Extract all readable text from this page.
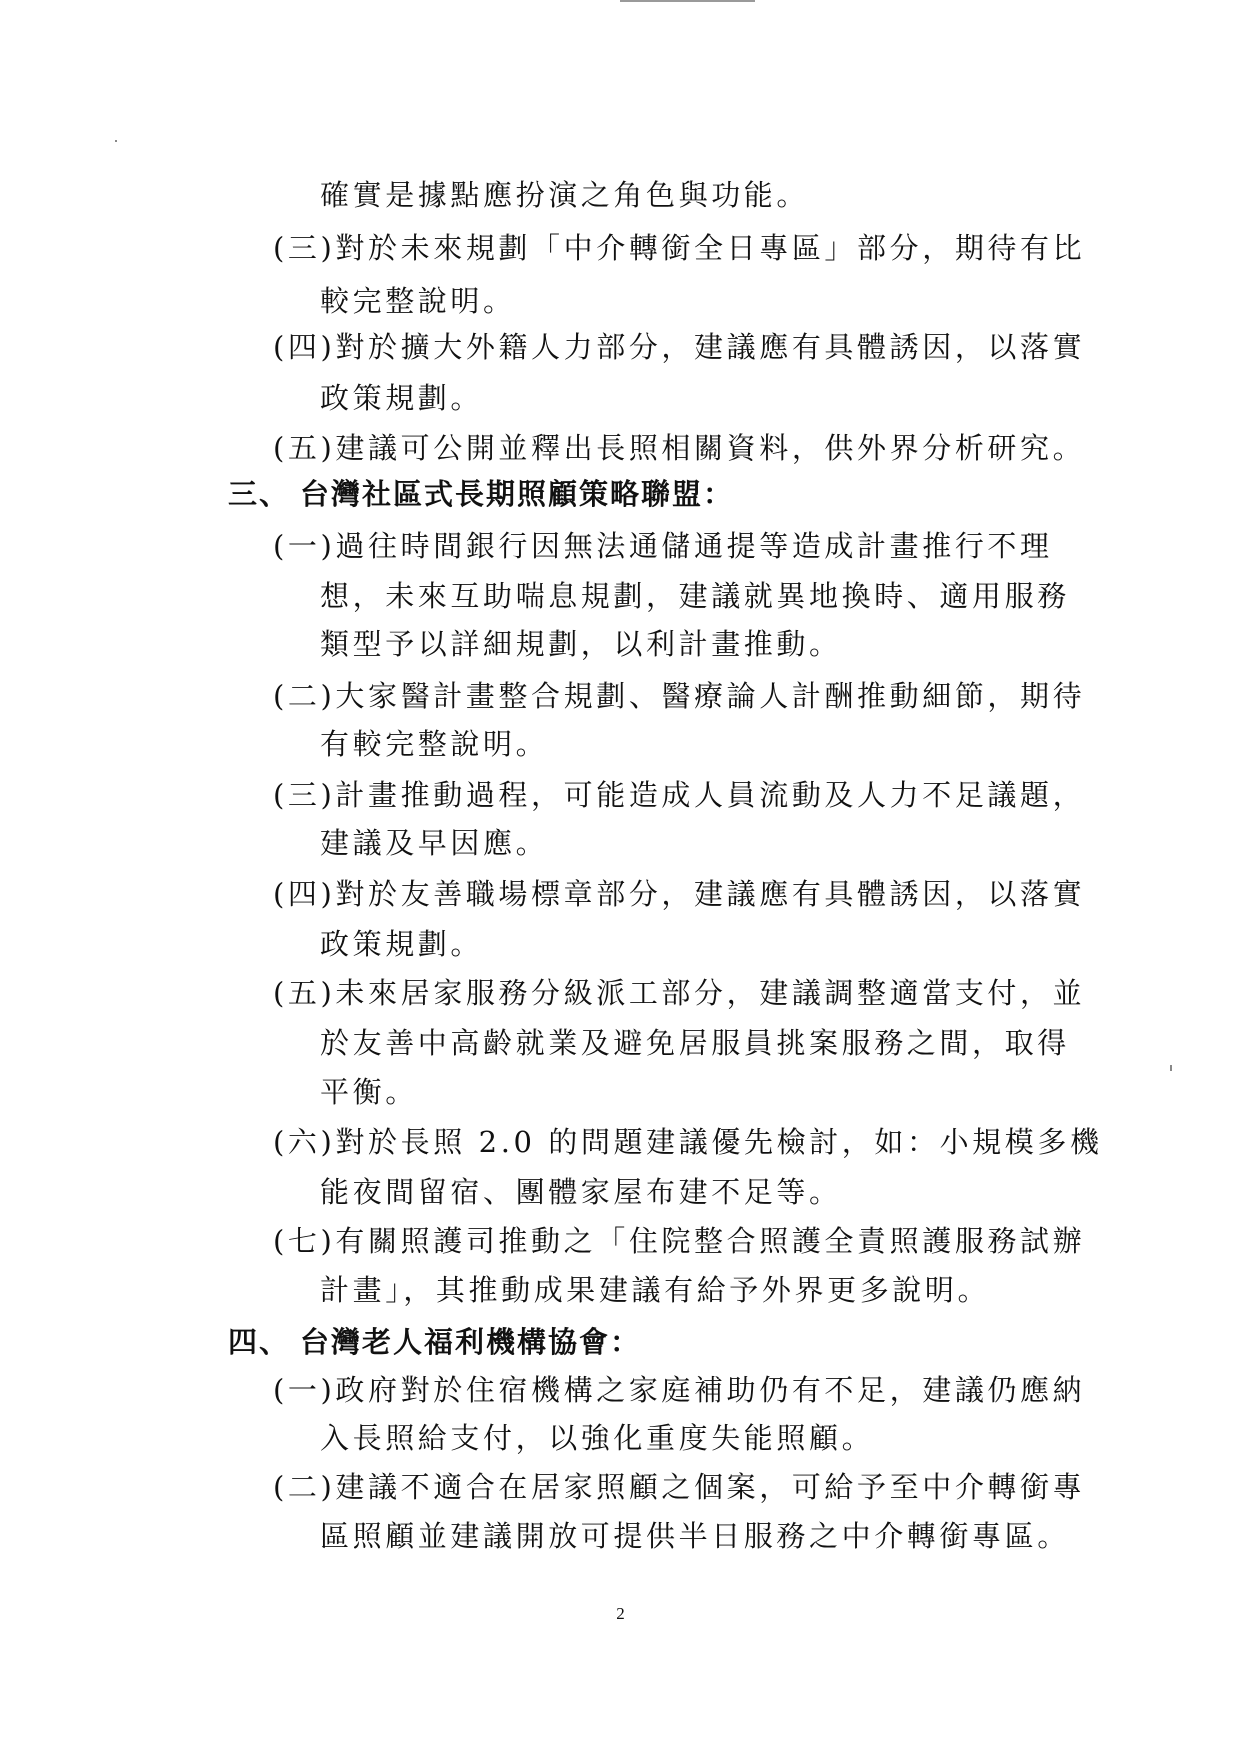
確實是據點應扮演之角色與功能。
(三)對於未來規劃「中介轉銜全日專區」部分，期待有比
較完整說明。
(四)對於擴大外籍人力部分，建議應有具體誘因，以落實
政策規劃。
(五)建議可公開並釋出長照相關資料，供外界分析研究。
三、 台灣社區式長期照顧策略聯盟：
(一)過往時間銀行因無法通儲通提等造成計畫推行不理
想，未來互助喘息規劃，建議就異地換時、適用服務
類型予以詳細規劃，以利計畫推動。
(二)大家醫計畫整合規劃、醫療論人計酬推動細節，期待
有較完整說明。
(三)計畫推動過程，可能造成人員流動及人力不足議題，
建議及早因應。
(四)對於友善職場標章部分，建議應有具體誘因，以落實
政策規劃。
(五)未來居家服務分級派工部分，建議調整適當支付，並
於友善中高齡就業及避免居服員挑案服務之間，取得
平衡。
(六)對於長照 2.0 的問題建議優先檢討，如：小規模多機
能夜間留宿、團體家屋布建不足等。
(七)有關照護司推動之「住院整合照護全責照護服務試辦
計畫」，其推動成果建議有給予外界更多說明。
四、 台灣老人福利機構協會：
(一)政府對於住宿機構之家庭補助仍有不足，建議仍應納
入長照給支付，以強化重度失能照顧。
(二)建議不適合在居家照顧之個案，可給予至中介轉銜專
區照顧並建議開放可提供半日服務之中介轉銜專區。
2
